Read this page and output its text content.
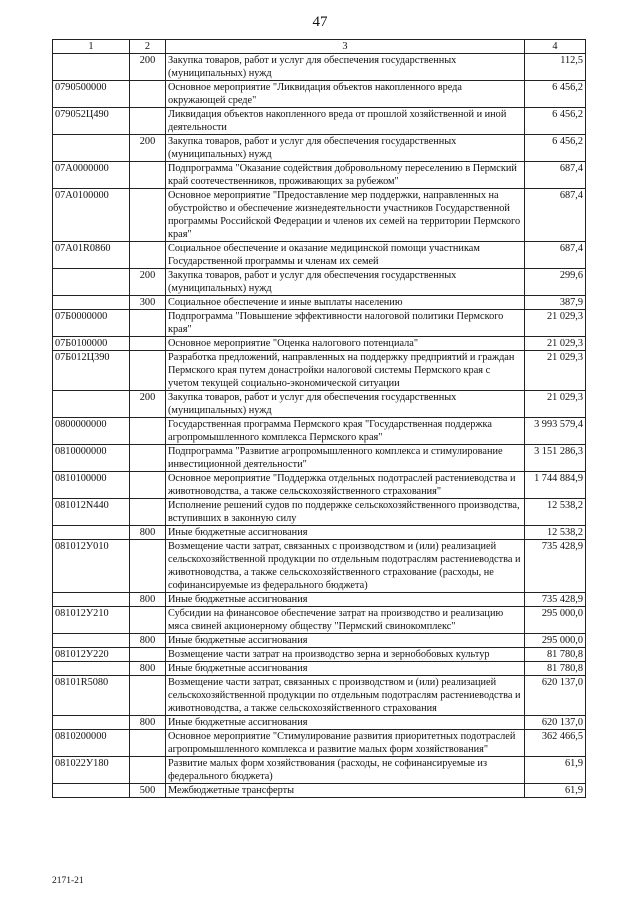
47
1	2	3	4
	200	Закупка товаров, работ и услуг для обеспечения государственных (муниципальных) нужд	112,5
0790500000		Основное мероприятие "Ликвидация объектов накопленного вреда окружающей среде"	6 456,2
079052Ц490		Ликвидация объектов накопленного вреда от прошлой хозяйственной и иной деятельности	6 456,2
	200	Закупка товаров, работ и услуг для обеспечения государственных (муниципальных) нужд	6 456,2
07А0000000		Подпрограмма "Оказание содействия добровольному переселению в Пермский край соотечественников, проживающих за рубежом"	687,4
07А0100000		Основное мероприятие "Предоставление мер поддержки, направленных на обустройство и обеспечение жизнедеятельности участников Государственной программы Российской Федерации и членов их семей на территории Пермского края"	687,4
07А01R0860		Социальное обеспечение и оказание медицинской помощи участникам Государственной программы и членам их семей	687,4
	200	Закупка товаров, работ и услуг для обеспечения государственных (муниципальных) нужд	299,6
	300	Социальное обеспечение и иные выплаты населению	387,9
07Б0000000		Подпрограмма "Повышение эффективности налоговой политики Пермского края"	21 029,3
07Б0100000		Основное мероприятие "Оценка налогового потенциала"	21 029,3
07Б012Ц390		Разработка предложений, направленных на поддержку предприятий и граждан Пермского края путем донастройки налоговой системы Пермского края с учетом текущей социально-экономической ситуации	21 029,3
	200	Закупка товаров, работ и услуг для обеспечения государственных (муниципальных) нужд	21 029,3
0800000000		Государственная программа Пермского края "Государственная поддержка агропромышленного комплекса Пермского края"	3 993 579,4
0810000000		Подпрограмма "Развитие агропромышленного комплекса и стимулирование инвестиционной деятельности"	3 151 286,3
0810100000		Основное мероприятие "Поддержка отдельных подотраслей растениеводства и животноводства, а также сельскохозяйственного страхования"	1 744 884,9
081012N440		Исполнение решений судов по поддержке сельскохозяйственного производства, вступивших в законную силу	12 538,2
	800	Иные бюджетные ассигнования	12 538,2
081012У010		Возмещение части затрат, связанных с производством и (или) реализацией сельскохозяйственной продукции по отдельным подотраслям растениеводства и животноводства, а также сельскохозяйственного страхование (расходы, не софинансируемые из федерального бюджета)	735 428,9
	800	Иные бюджетные ассигнования	735 428,9
081012У210		Субсидии на финансовое обеспечение затрат на производство и реализацию мяса свиней акционерному обществу "Пермский свинокомплекс"	295 000,0
	800	Иные бюджетные ассигнования	295 000,0
081012У220		Возмещение части затрат на производство зерна и зернобобовых культур	81 780,8
	800	Иные бюджетные ассигнования	81 780,8
08101R5080		Возмещение части затрат, связанных с производством и (или) реализацией сельскохозяйственной продукции по отдельным подотраслям растениеводства и животноводства, а также сельскохозяйственного страхования	620 137,0
	800	Иные бюджетные ассигнования	620 137,0
0810200000		Основное мероприятие "Стимулирование развития приоритетных подотраслей агропромышленного комплекса и развитие малых форм хозяйствования"	362 466,5
081022У180		Развитие малых форм хозяйствования (расходы, не софинансируемые из федерального бюджета)	61,9
	500	Межбюджетные трансферты	61,9
2171-21
